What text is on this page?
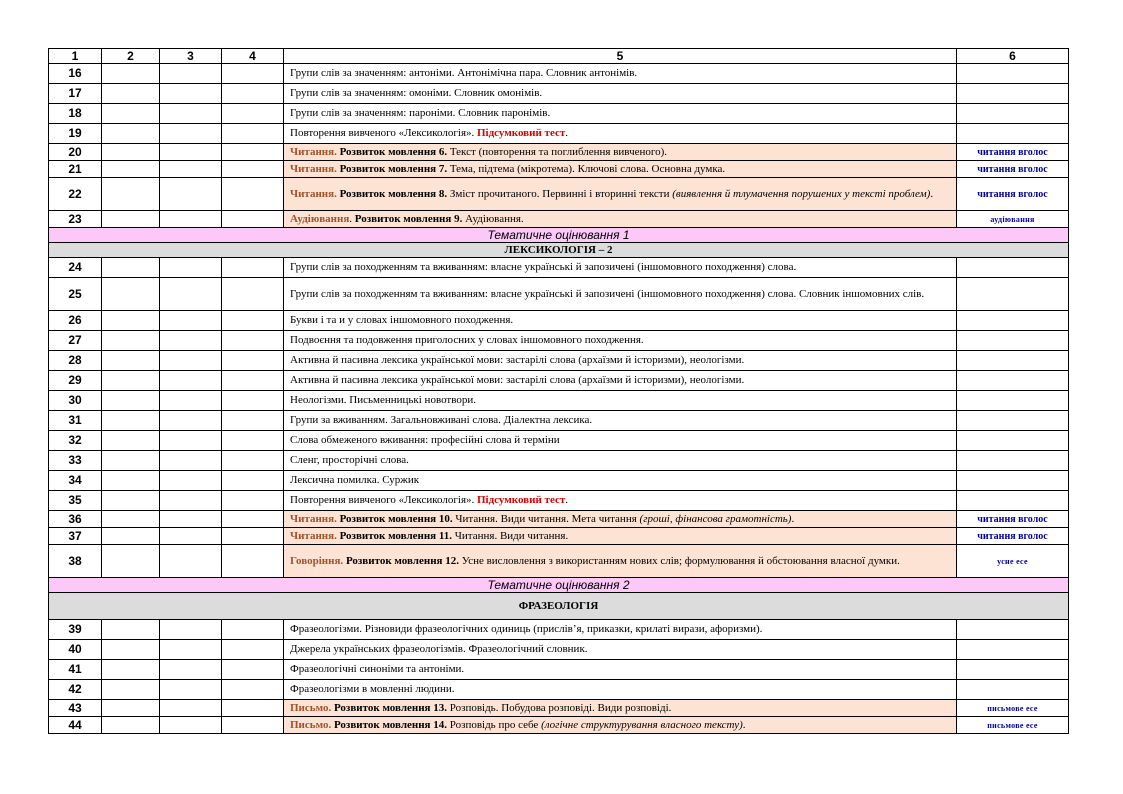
1	2	3	4	5	6
16				Групи слів за значенням: антоніми. Антонімічна пара. Словник антонімів.	
17				Групи слів за значенням: омоніми. Словник омонімів.	
18				Групи слів за значенням: пароніми. Словник паронімів.	
19				Повторення вивченого «Лексикологія». Підсумковий тест.	
20				Читання. Розвиток мовлення 6. Текст (повторення та поглиблення вивченого).	читання вголос
21				Читання. Розвиток мовлення 7. Тема, підтема (мікротема). Ключові слова. Основна думка.	читання вголос
22				Читання. Розвиток мовлення 8. Зміст прочитаного. Первинні і вторинні тексти (виявлення й тлумачення порушених у тексті проблем).	читання вголос
23				Аудіювання. Розвиток мовлення 9. Аудіювання.	аудіювання
Тематичне оцінювання 1					
ЛЕКСИКОЛОГІЯ – 2					
24				Групи слів за походженням та вживанням: власне українські й запозичені (іншомовного походження) слова.	
25				Групи слів за походженням та вживанням: власне українські й запозичені (іншомовного походження) слова. Словник іншомовних слів.	
26				Букви і та и у словах іншомовного походження.	
27				Подвоєння та подовження приголосних у словах іншомовного походження.	
28				Активна й пасивна лексика української мови: застарілі слова (архаїзми й історизми), неологізми.	
29				Активна й пасивна лексика української мови: застарілі слова (архаїзми й історизми), неологізми.	
30				Неологізми. Письменницькі новотвори.	
31				Групи за вживанням. Загальновживані слова. Діалектна лексика.	
32				Слова обмеженого вживання: професійні слова й терміни	
33				Сленг, просторічні слова.	
34				Лексична помилка. Суржик	
35				Повторення вивченого «Лексикологія». Підсумковий тест.	
36				Читання. Розвиток мовлення 10. Читання. Види читання. Мета читання (гроші, фінансова грамотність).	читання вголос
37				Читання. Розвиток мовлення 11. Читання. Види читання.	читання вголос
38				Говоріння. Розвиток мовлення 12. Усне висловлення з використанням нових слів; формулювання й обстоювання власної думки.	усне есе
Тематичне оцінювання 2					
ФРАЗЕОЛОГІЯ					
39				Фразеологізми. Різновиди фразеологічних одиниць (прислів’я, приказки, крилаті вирази, афоризми).	
40				Джерела українських фразеологізмів. Фразеологічний словник.	
41				Фразеологічні синоніми та антоніми.	
42				Фразеологізми в мовленні людини.	
43				Письмо. Розвиток мовлення 13. Розповідь. Побудова розповіді. Види розповіді.	письмове есе
44				Письмо. Розвиток мовлення 14. Розповідь про себе (логічне структурування власного тексту).	письмове есе
